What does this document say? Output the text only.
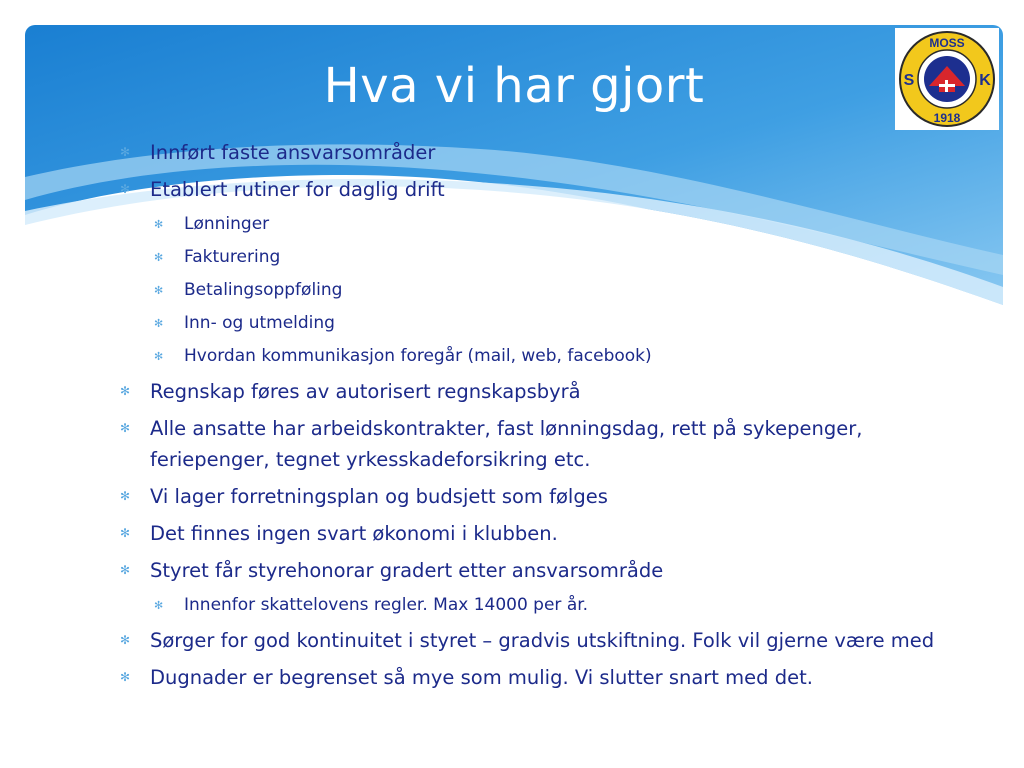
Hva vi har gjort
MOSS
1918
S	K
✻ Innført faste ansvarsområder
✻ Etablert rutiner for daglig drift
✻ Lønninger
✻ Fakturering
✻ Betalingsoppføling
✻ Inn- og utmelding
✻ Hvordan kommunikasjon foregår (mail, web, facebook)
✻ Regnskap føres av autorisert regnskapsbyrå
✻ Alle ansatte har arbeidskontrakter, fast lønningsdag, rett på sykepenger, feriepenger, tegnet yrkesskadeforsikring etc.
✻ Vi lager forretningsplan og budsjett som følges
✻ Det finnes ingen svart økonomi i klubben.
✻ Styret får styrehonorar gradert etter ansvarsområde
✻ Innenfor skattelovens regler. Max 14000 per år.
✻ Sørger for god kontinuitet i styret – gradvis utskiftning. Folk vil gjerne være med
✻ Dugnader er begrenset så mye som mulig. Vi slutter snart med det.
